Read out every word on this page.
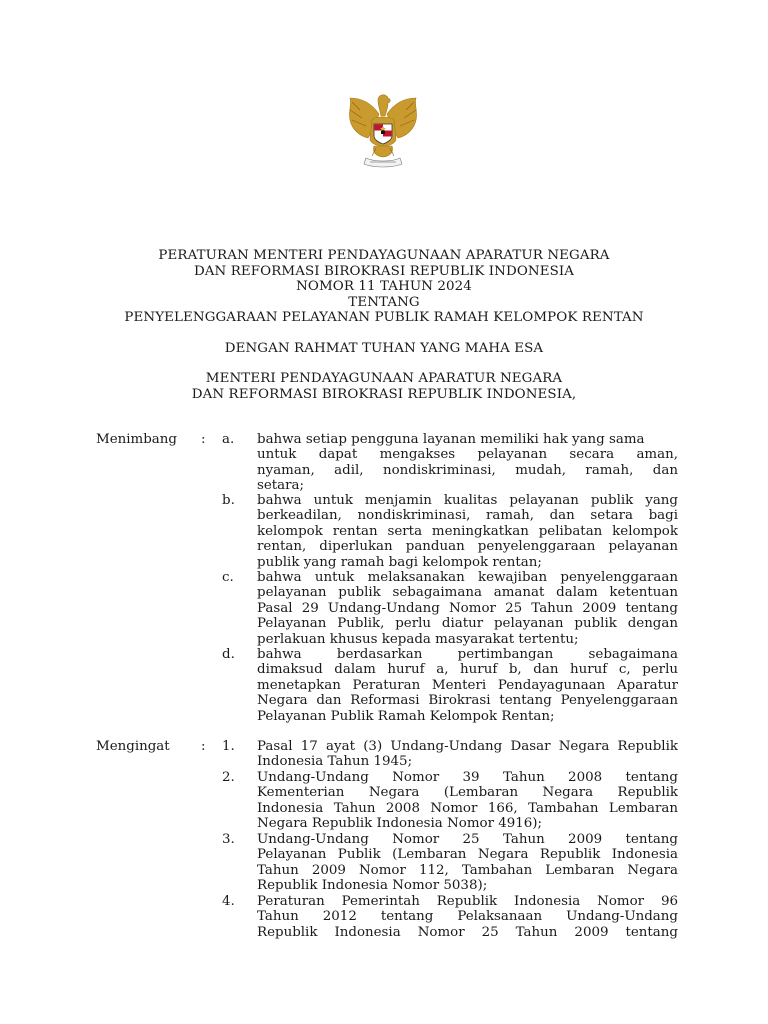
PERATURAN MENTERI PENDAYAGUNAAN APARATUR NEGARA
DAN REFORMASI BIROKRASI REPUBLIK INDONESIA
NOMOR 11 TAHUN 2024
TENTANG
PENYELENGGARAAN PELAYANAN PUBLIK RAMAH KELOMPOK RENTAN
DENGAN RAHMAT TUHAN YANG MAHA ESA
MENTERI PENDAYAGUNAAN APARATUR NEGARA
DAN REFORMASI BIROKRASI REPUBLIK INDONESIA,
Menimbang : a. bahwa setiap pengguna layanan memiliki hak yang sama
untuk dapat mengakses pelayanan secara aman,
nyaman, adil, nondiskriminasi, mudah, ramah, dan
setara;
b. bahwa untuk menjamin kualitas pelayanan publik yang
berkeadilan, nondiskriminasi, ramah, dan setara bagi
kelompok rentan serta meningkatkan pelibatan kelompok
rentan, diperlukan panduan penyelenggaraan pelayanan
publik yang ramah bagi kelompok rentan;
c. bahwa untuk melaksanakan kewajiban penyelenggaraan
pelayanan publik sebagaimana amanat dalam ketentuan
Pasal 29 Undang-Undang Nomor 25 Tahun 2009 tentang
Pelayanan Publik, perlu diatur pelayanan publik dengan
perlakuan khusus kepada masyarakat tertentu;
d. bahwa berdasarkan pertimbangan sebagaimana
dimaksud dalam huruf a, huruf b, dan huruf c, perlu
menetapkan Peraturan Menteri Pendayagunaan Aparatur
Negara dan Reformasi Birokrasi tentang Penyelenggaraan
Pelayanan Publik Ramah Kelompok Rentan;
Mengingat : 1. Pasal 17 ayat (3) Undang-Undang Dasar Negara Republik
Indonesia Tahun 1945;
2. Undang-Undang Nomor 39 Tahun 2008 tentang
Kementerian Negara (Lembaran Negara Republik
Indonesia Tahun 2008 Nomor 166, Tambahan Lembaran
Negara Republik Indonesia Nomor 4916);
3. Undang-Undang Nomor 25 Tahun 2009 tentang
Pelayanan Publik (Lembaran Negara Republik Indonesia
Tahun 2009 Nomor 112, Tambahan Lembaran Negara
Republik Indonesia Nomor 5038);
4. Peraturan Pemerintah Republik Indonesia Nomor 96
Tahun 2012 tentang Pelaksanaan Undang-Undang
Republik Indonesia Nomor 25 Tahun 2009 tentang
